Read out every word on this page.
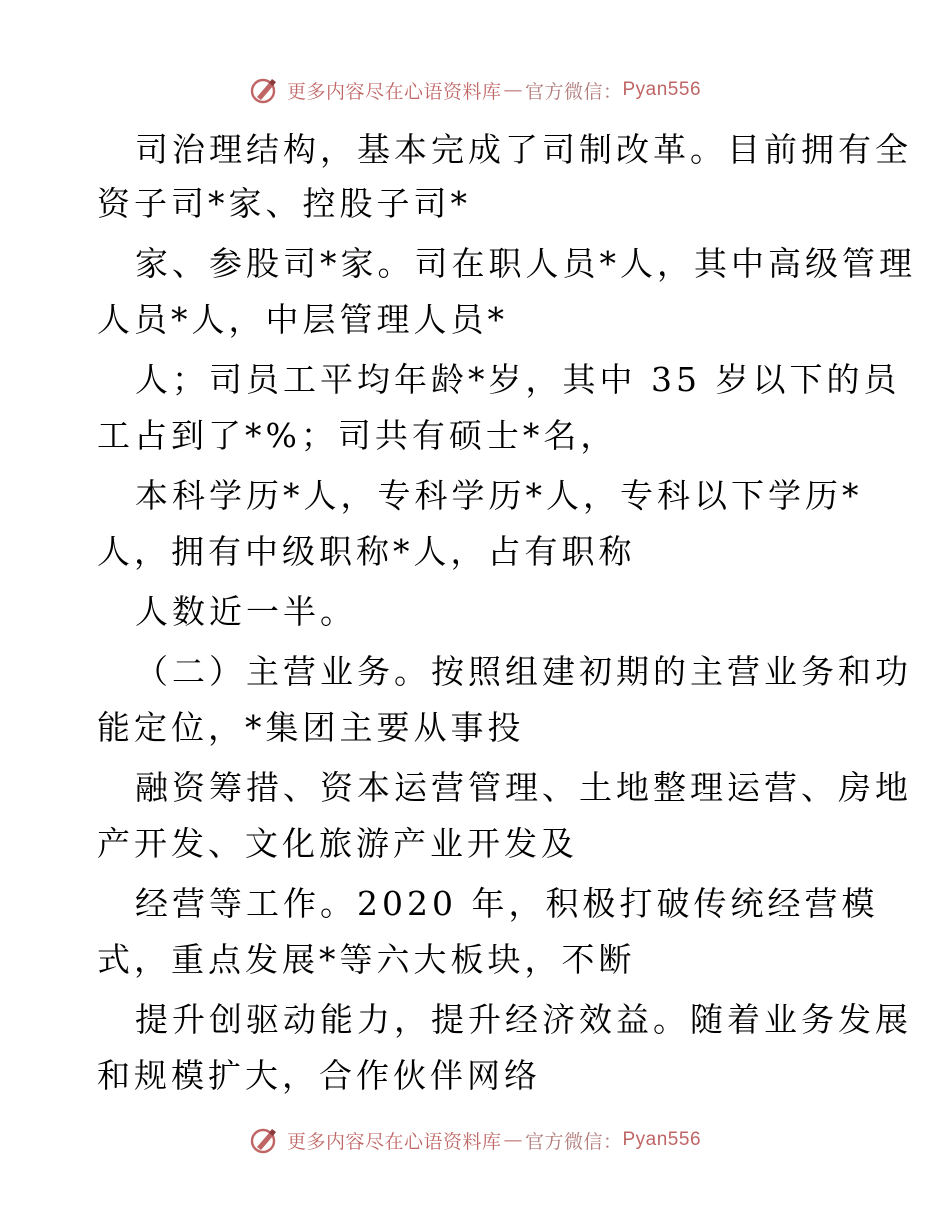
更多内容尽在心语资料库 — 官方微信： Pyan556
司治理结构，基本完成了司制改革。目前拥有全
资子司*家、控股子司*
家、参股司*家。司在职人员*人，其中高级管理
人员*人，中层管理人员*
人；司员工平均年龄*岁，其中 35 岁以下的员
工占到了*%；司共有硕士*名，
本科学历*人，专科学历*人，专科以下学历*
人，拥有中级职称*人，占有职称
人数近一半。
（二）主营业务。按照组建初期的主营业务和功
能定位，*集团主要从事投
融资筹措、资本运营管理、土地整理运营、房地
产开发、文化旅游产业开发及
经营等工作。2020 年，积极打破传统经营模
式，重点发展*等六大板块，不断
提升创驱动能力，提升经济效益。随着业务发展
和规模扩大，合作伙伴网络
更多内容尽在心语资料库 — 官方微信： Pyan556
